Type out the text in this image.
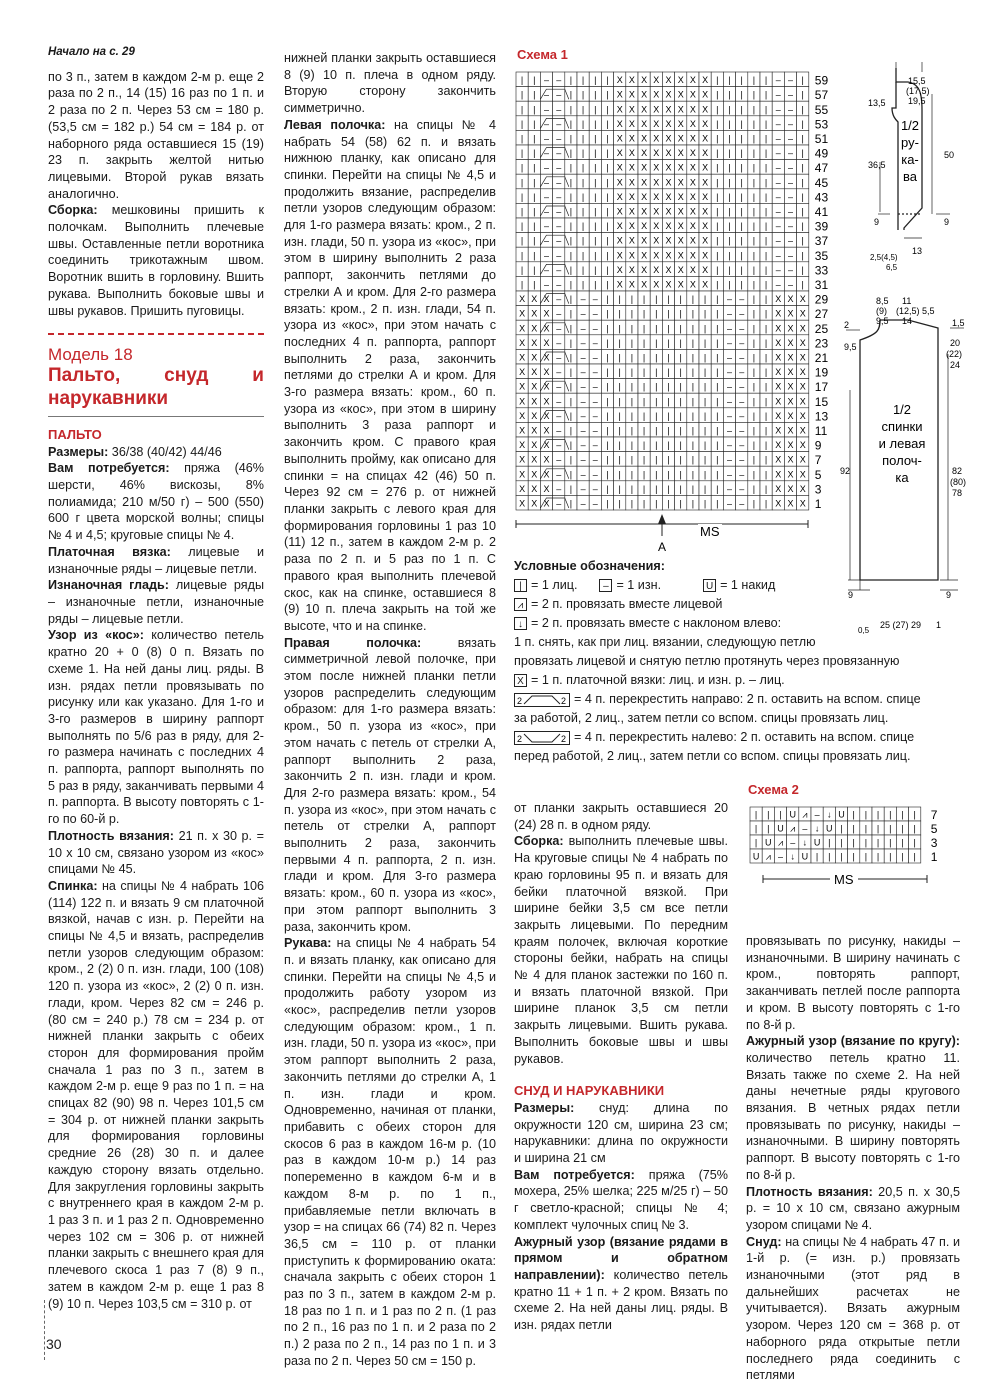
Начало на с. 29

по 3 п., затем в каждом 2-м р. еще 2 раза по 2 п., 14 (15) 16 раз по 1 п. и 2 раза по 2 п. Через 53 см = 180 р. (53,5 см = 182 р.) 54 см = 184 р. от наборного ряда оставшиеся 15 (19) 23 п. закрыть желтой нитью лицевыми. Второй рукав вязать аналогично.

Сборка: мешковины пришить к полочкам. Выполнить плечевые швы. Оставленные петли воротника соединить трикотажным швом. Воротник вшить в горловину. Вшить рукава. Выполнить боковые швы и швы рукавов. Пришить пуговицы.

Модель 18

Пальто, снуд и нарукавники

ПАЛЬТО

Размеры: 36/38 (40/42) 44/46

Вам потребуется: пряжа (46% шерсти, 46% вискозы, 8% полиамида; 210 м/50 г) – 500 (550) 600 г цвета морской волны; спицы № 4 и 4,5; круговые спицы № 4.

Платочная вязка: лицевые и изнаночные ряды – лицевые петли.

Изнаночная гладь: лицевые ряды – изнаночные петли, изнаночные ряды – лицевые петли.

Узор из «кос»: количество петель кратно 20 + 0 (8) 0 п. Вязать по схеме 1. На ней даны лиц. ряды. В изн. рядах петли провязывать по рисунку или как указано. Для 1-го и 3-го размеров в ширину раппорт выполнять по 5/6 раз в ряду, для 2-го размера начинать с последних 4 п. раппорта, раппорт выполнять по 5 раз в ряду, заканчивать первыми 4 п. раппорта. В высоту повторять с 1-го по 60-й р.

Плотность вязания: 21 п. х 30 р. = 10 х 10 см, связано узором из «кос» спицами № 45.

Спинка: на спицы № 4 набрать 106 (114) 122 п. и вязать 9 см платочной вязкой, начав с изн. р. Перейти на спицы № 4,5 и вязать, распределив петли узоров следующим образом: кром., 2 (2) 0 п. изн. глади, 100 (108) 120 п. узора из «кос», 2 (2) 0 п. изн. глади, кром. Через 82 см = 246 р. (80 см = 240 р.) 78 см = 234 р. от нижней планки закрыть с обеих сторон для формирования пройм сначала 1 раз по 3 п., затем в каждом 2-м р. еще 9 раз по 1 п. = на спицах 82 (90) 98 п. Через 101,5 см = 304 р. от нижней планки закрыть для формирования горловины средние 26 (28) 30 п. и далее каждую сторону вязать отдельно. Для закругления горловины закрыть с внутреннего края в каждом 2-м р. 1 раз 3 п. и 1 раз 2 п. Одновременно через 102 см = 306 р. от нижней планки закрыть с внешнего края для плечевого скоса 1 раз 7 (8) 9 п., затем в каждом 2-м р. еще 1 раз 8 (9) 10 п. Через 103,5 см = 310 р. от

нижней планки закрыть оставшиеся 8 (9) 10 п. плеча в одном ряду. Вторую сторону закончить симметрично.

Левая полочка: на спицы № 4 набрать 54 (58) 62 п. и вязать нижнюю планку, как описано для спинки. Перейти на спицы № 4,5 и продолжить вязание, распределив петли узоров следующим образом: для 1-го размера вязать: кром., 2 п. изн. глади, 50 п. узора из «кос», при этом в ширину выполнить 2 раза раппорт, закончить петлями до стрелки А и кром. Для 2-го размера вязать: кром., 2 п. изн. глади, 54 п. узора из «кос», при этом начать с последних 4 п. раппорта, раппорт выполнить 2 раза, закончить петлями до стрелки А и кром. Для 3-го размера вязать: кром., 60 п. узора из «кос», при этом в ширину выполнить 3 раза раппорт и закончить кром. С правого края выполнить пройму, как описано для спинки = на спицах 42 (46) 50 п. Через 92 см = 276 р. от нижней планки закрыть с левого края для формирования горловины 1 раз 10 (11) 12 п., затем в каждом 2-м р. 2 раза по 2 п. и 5 раз по 1 п. С правого края выполнить плечевой скос, как на спинке, оставшиеся 8 (9) 10 п. плеча закрыть на той же высоте, что и на спинке.

Правая полочка: вязать симметричной левой полочке, при этом после нижней планки петли узоров распределить следующим образом: для 1-го размера вязать: кром., 50 п. узора из «кос», при этом начать с петель от стрелки А, раппорт выполнить 2 раза, закончить 2 п. изн. глади и кром. Для 2-го размера вязать: кром., 54 п. узора из «кос», при этом начать с петель от стрелки А, раппорт выполнить 2 раза, закончить первыми 4 п. раппорта, 2 п. изн. глади и кром. Для 3-го размера вязать: кром., 60 п. узора из «кос», при этом раппорт выполнить 3 раза, закончить кром.

Рукава: на спицы № 4 набрать 54 п. и вязать планку, как описано для спинки. Перейти на спицы № 4,5 и продолжить работу узором из «кос», распределив петли узоров следующим образом: кром., 1 п. изн. глади, 50 п. узора из «кос», при этом раппорт выполнить 2 раза, закончить петлями до стрелки А, 1 п. изн. глади и кром. Одновременно, начиная от планки, прибавить с обеих сторон для скосов 6 раз в каждом 16-м р. (10 раз в каждом 10-м р.) 14 раз попеременно в каждом 6-м и в каждом 8-м р. по 1 п., прибавляемые петли включать в узор = на спицах 66 (74) 82 п. Через 36,5 см = 110 р. от планки приступить к формированию оката: сначала закрыть с обеих сторон 1 раз по 3 п., затем в каждом 2-м р. 18 раз по 1 п. и 1 раз по 2 п. (1 раз по 2 п., 16 раз по 1 п. и 2 раза по 2 п.) 2 раза по 2 п., 14 раз по 1 п. и 3 раза по 2 п. Через 50 см = 150 р.

от планки закрыть оставшиеся 20 (24) 28 п. в одном ряду.

Сборка: выполнить плечевые швы. На круговые спицы № 4 набрать по краю горловины 95 п. и вязать для бейки платочной вязкой. При ширине бейки 3,5 см все петли закрыть лицевыми. По передним краям полочек, включая короткие стороны бейки, набрать на спицы № 4 для планок застежки по 160 п. и вязать платочной вязкой. При ширине планок 3,5 см петли закрыть лицевыми. Вшить рукава. Выполнить боковые швы и швы рукавов.

СНУД И НАРУКАВНИКИ

Размеры: снуд: длина по окружности 120 см, ширина 23 см; нарукавники: длина по окружности и ширина 21 см

Вам потребуется: пряжа (75% мохера, 25% шелка; 225 м/25 г) – 50 г светло-красной; спицы № 4; комплект чулочных спиц № 3.

Ажурный узор (вязание рядами в прямом и обратном направлении): количество петель кратно 11 + 1 п. + 2 кром. Вязать по схеме 2. На ней даны лиц. ряды. В изн. рядах петли

провязывать по рисунку, накиды – изнаночными. В ширину начинать с кром., повторять раппорт, заканчивать петлей после раппорта и кром. В высоту повторять с 1-го по 8-й р.

Ажурный узор (вязание по кругу): количество петель кратно 11. Вязать также по схеме 2. На ней даны нечетные ряды кругового вязания. В четных рядах петли провязывать по рисунку, накиды – изнаночными. В ширину повторять раппорт. В высоту повторять с 1-го по 8-й р.

Плотность вязания: 20,5 п. х 30,5 р. = 10 х 10 см, связано ажурным узором спицами № 4.

Снуд: на спицы № 4 набрать 47 п. и 1-й р. (= изн. р.) провязать изнаночными (этот ряд в дальнейших расчетах не учитывается). Вязать ажурным узором. Через 120 см = 368 р. от наборного ряда открытые петли последнего ряда соединить с петлями

Схема 1
| | – – | | | | X X X X X X X X | | | | | – – |
| | – – | | | | X X X X X X X X | | | | | – – |
| | – – | | | | X X X X X X X X | | | | | – – |
| | – – | | | | X X X X X X X X | | | | | – – |
| | – – | | | | X X X X X X X X | | | | | – – |
| | – – | | | | X X X X X X X X | | | | | – – |
| | – – | | | | X X X X X X X X | | | | | – – |
| | – – | | | | X X X X X X X X | | | | | – – |
| | – – | | | | X X X X X X X X | | | | | – – |
| | – – | | | | X X X X X X X X | | | | | – – |
| | – – | | | | X X X X X X X X | | | | | – – |
| | – – | | | | X X X X X X X X | | | | | – – |
| | – – | | | | X X X X X X X X | | | | | – – |
| | – – | | | | X X X X X X X X | | | | | – – |
| | – – | | | | X X X X X X X X | | | | | – – |
X X X – | – – | | | | | | | | | | – – | | X X X
X X X – | – – | | | | | | | | | | – – | | X X X
X X X – | – – | | | | | | | | | | – – | | X X X
X X X – | – – | | | | | | | | | | – – | | X X X
X X X – | – – | | | | | | | | | | – – | | X X X
X X X – | – – | | | | | | | | | | – – | | X X X
X X X – | – – | | | | | | | | | | – – | | X X X
X X X – | – – | | | | | | | | | | – – | | X X X
X X X – | – – | | | | | | | | | | – – | | X X X
X X X – | – – | | | | | | | | | | – – | | X X X
X X X – | – – | | | | | | | | | | – – | | X X X
X X X – | – – | | | | | | | | | | – – | | X X X
X X X – | – – | | | | | | | | | | – – | | X X X
X X X – | – – | | | | | | | | | | – – | | X X X
X X X – | – – | | | | | | | | | | – – | | X X X
59
57
55
53
51
49
47
45
43
41
39
37
35
33
31
29
27
25
23
21
19
17
15
13
11
9
7
5
3
1
MS
A
Условные обозначения:
| = 1 лиц.	– = 1 изн.	U = 1 накид
⩘ = 2 п. провязать вместе лицевой
↓ = 2 п. провязать вместе с наклоном влево:
1 п. снять, как при лиц. вязании, следующую петлю
провязать лицевой и снятую петлю протянуть через провязанную
X = 1 п. платочной вязки: лиц. и изн. р. – лиц.
2	2 = 4 п. перекрестить направо: 2 п. оставить на вспом. спице
за работой, 2 лиц., затем петли со вспом. спицы провязать лиц.
2	2 = 4 п. перекрестить налево: 2 п. оставить на вспом. спице
перед работой, 2 лиц., затем петли со вспом. спицы провязать лиц.
Схема 2
| | | U ⩘ – ↓ U | | | | | |
| | U ⩘ – ↓ U | | | | | | |
| U ⩘ – ↓ U | | | | | | | |
U ⩘ – ↓ U | | | | | | | | |
7
5
3
1
MS
15,5
(17,5)
19,5
13,5
36,5
50
1/2 ру-ка-ва
9	9
13
2,5(4,5)
6,5
8,5
(9)
9,5
11
(12,5)
14
5,5
2
9,5
1,5
20
(22)
24
1/2 спинки и левая полоч-ка
92	82
(80)
78
9	9
0,5
25 (27) 29 1
30
